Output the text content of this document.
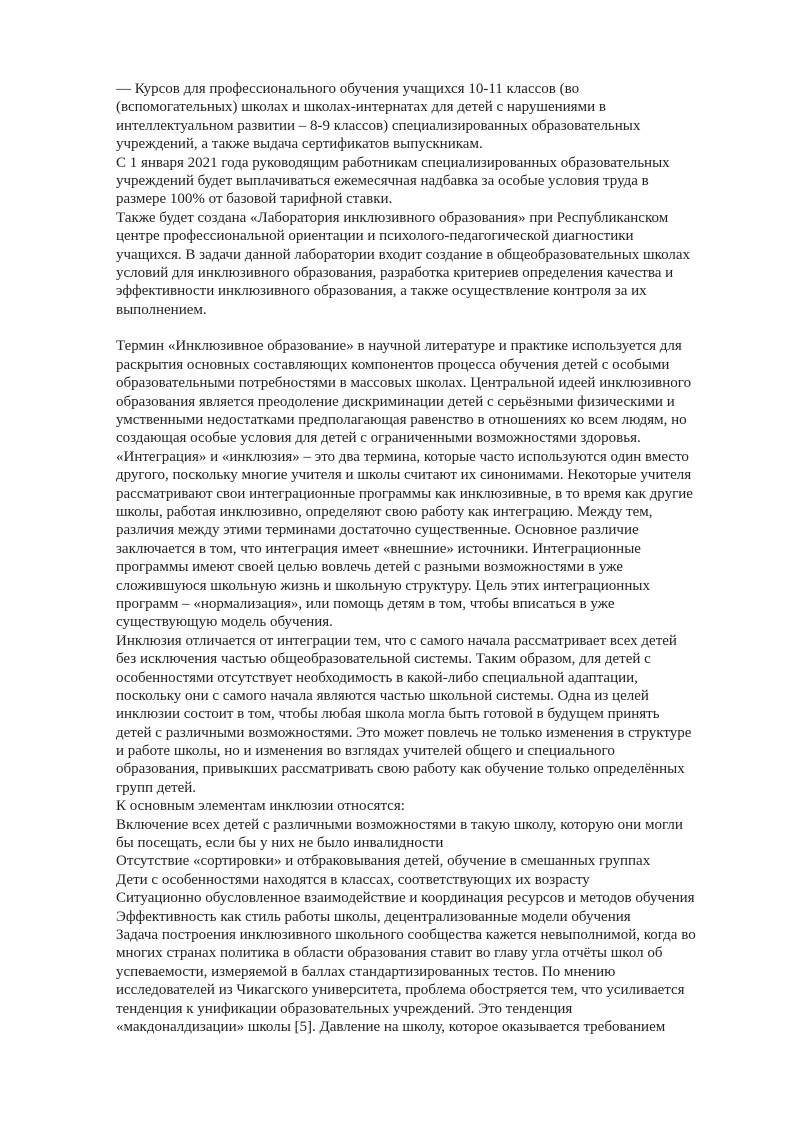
— Курсов для профессионального обучения учащихся 10-11 классов (во
(вспомогательных) школах и школах-интернатах для детей с нарушениями в
интеллектуальном развитии – 8-9 классов) специализированных образовательных
учреждений, а также выдача сертификатов выпускникам.
С 1 января 2021 года руководящим работникам специализированных образовательных
учреждений будет выплачиваться ежемесячная надбавка за особые условия труда в
размере 100% от базовой тарифной ставки.
Также будет создана «Лаборатория инклюзивного образования» при Республиканском
центре профессиональной ориентации и психолого-педагогической диагностики
учащихся. В задачи данной лаборатории входит создание в общеобразовательных школах
условий для инклюзивного образования, разработка критериев определения качества и
эффективности инклюзивного образования, а также осуществление контроля за их
выполнением.
Термин «Инклюзивное образование» в научной литературе и практике используется для
раскрытия основных составляющих компонентов процесса обучения детей с особыми
образовательными потребностями в массовых школах. Центральной идеей инклюзивного
образования является преодоление дискриминации детей с серьёзными физическими и
умственными недостатками предполагающая равенство в отношениях ко всем людям, но
создающая особые условия для детей с ограниченными возможностями здоровья.
«Интеграция» и «инклюзия» – это два термина, которые часто используются один вместо
другого, поскольку многие учителя и школы считают их синонимами. Некоторые учителя
рассматривают свои интеграционные программы как инклюзивные, в то время как другие
школы, работая инклюзивно, определяют свою работу как интеграцию. Между тем,
различия между этими терминами достаточно существенные. Основное различие
заключается в том, что интеграция имеет «внешние» источники. Интеграционные
программы имеют своей целью вовлечь детей с разными возможностями в уже
сложившуюся школьную жизнь и школьную структуру. Цель этих интеграционных
программ – «нормализация», или помощь детям в том, чтобы вписаться в уже
существующую модель обучения.
Инклюзия отличается от интеграции тем, что с самого начала рассматривает всех детей
без исключения частью общеобразовательной системы. Таким образом, для детей с
особенностями отсутствует необходимость в какой-либо специальной адаптации,
поскольку они с самого начала являются частью школьной системы. Одна из целей
инклюзии состоит в том, чтобы любая школа могла быть готовой в будущем принять
детей с различными возможностями. Это может повлечь не только изменения в структуре
и работе школы, но и изменения во взглядах учителей общего и специального
образования, привыкших рассматривать свою работу как обучение только определённых
групп детей.
К основным элементам инклюзии относятся:
Включение всех детей с различными возможностями в такую школу, которую они могли
бы посещать, если бы у них не было инвалидности
Отсутствие «сортировки» и отбраковывания детей, обучение в смешанных группах
Дети с особенностями находятся в классах, соответствующих их возрасту
Ситуационно обусловленное взаимодействие и координация ресурсов и методов обучения
Эффективность как стиль работы школы, децентрализованные модели обучения
Задача построения инклюзивного школьного сообщества кажется невыполнимой, когда во
многих странах политика в области образования ставит во главу угла отчёты школ об
успеваемости, измеряемой в баллах стандартизированных тестов. По мнению
исследователей из Чикагского университета, проблема обостряется тем, что усиливается
тенденция к унификации образовательных учреждений. Это тенденция
«макдоналдизации» школы [5]. Давление на школу, которое оказывается требованием
